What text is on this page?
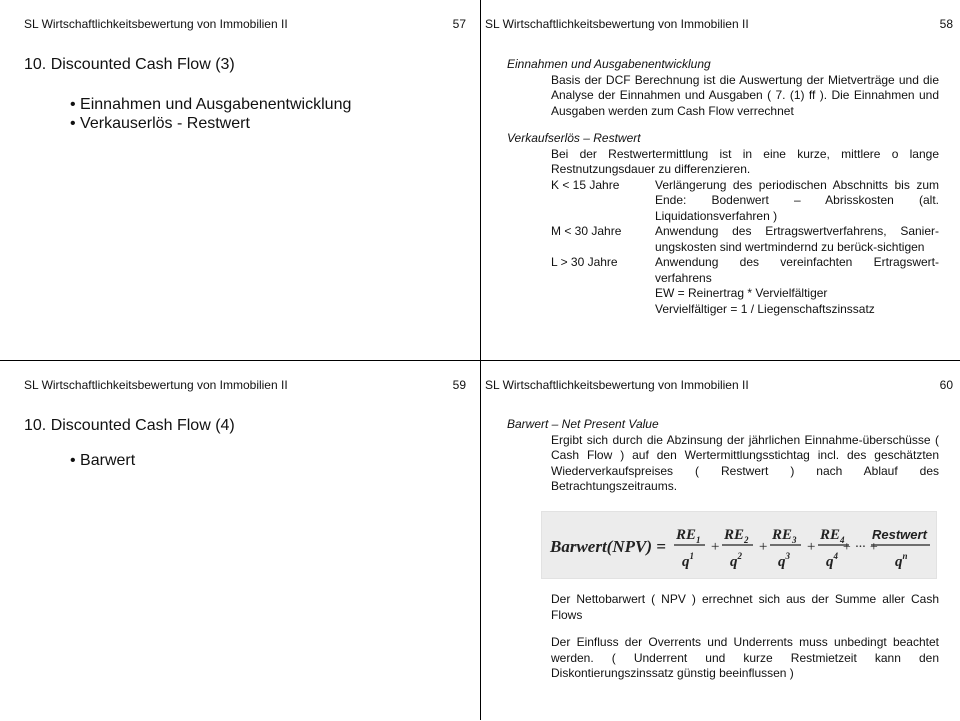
SL Wirtschaftlichkeitsbewertung von Immobilien II	57
10. Discounted Cash Flow (3)
• Einnahmen und Ausgabenentwicklung
• Verkauserlös - Restwert
SL Wirtschaftlichkeitsbewertung von Immobilien II	58
Einnahmen und Ausgabenentwicklung
Basis der DCF Berechnung ist die Auswertung der Mietverträge und die Analyse der Einnahmen und Ausgaben ( 7. (1) ff ). Die Einnahmen und Ausgaben werden zum Cash Flow verrechnet
Verkaufserlös – Restwert
Bei der Restwertermittlung ist in eine kurze, mittlere o lange Restnutzungsdauer zu differenzieren.
K < 15 Jahre	Verlängerung des periodischen Abschnitts bis zum Ende: Bodenwert – Abrisskosten (alt. Liquidationsverfahren )
M < 30 Jahre	Anwendung des Ertragswertverfahrens, Sanier-ungskosten sind wertmindernd zu berück-sichtigen
L > 30 Jahre	Anwendung des vereinfachten Ertragswert-verfahrens
EW = Reinertrag * Vervielfältiger
Vervielfältiger = 1 / Liegenschaftszinssatz
SL Wirtschaftlichkeitsbewertung von Immobilien II	59
10. Discounted Cash Flow (4)
• Barwert
SL Wirtschaftlichkeitsbewertung von Immobilien II	60
Barwert – Net Present Value
Ergibt sich durch die Abzinsung der jährlichen Einnahme-überschüsse ( Cash Flow ) auf den Wertermittlungsstichtag incl. des geschätzten Wiederverkaufspreises ( Restwert ) nach Ablauf des Betrachtungszeitraums.
Barwert(NPV) =
$RE_1$
$q^1$
+
$RE_2$
$q^2$
+
$RE_3$
$q^3$
+
$RE_4$
$q^4$
+ ··· +
Restwert
$q^n$
Der Nettobarwert ( NPV ) errechnet sich aus der Summe aller Cash Flows
Der Einfluss der Overrents und Underrents muss unbedingt beachtet werden. ( Underrent und kurze Restmietzeit kann den Diskontierungszinssatz günstig beeinflussen )
